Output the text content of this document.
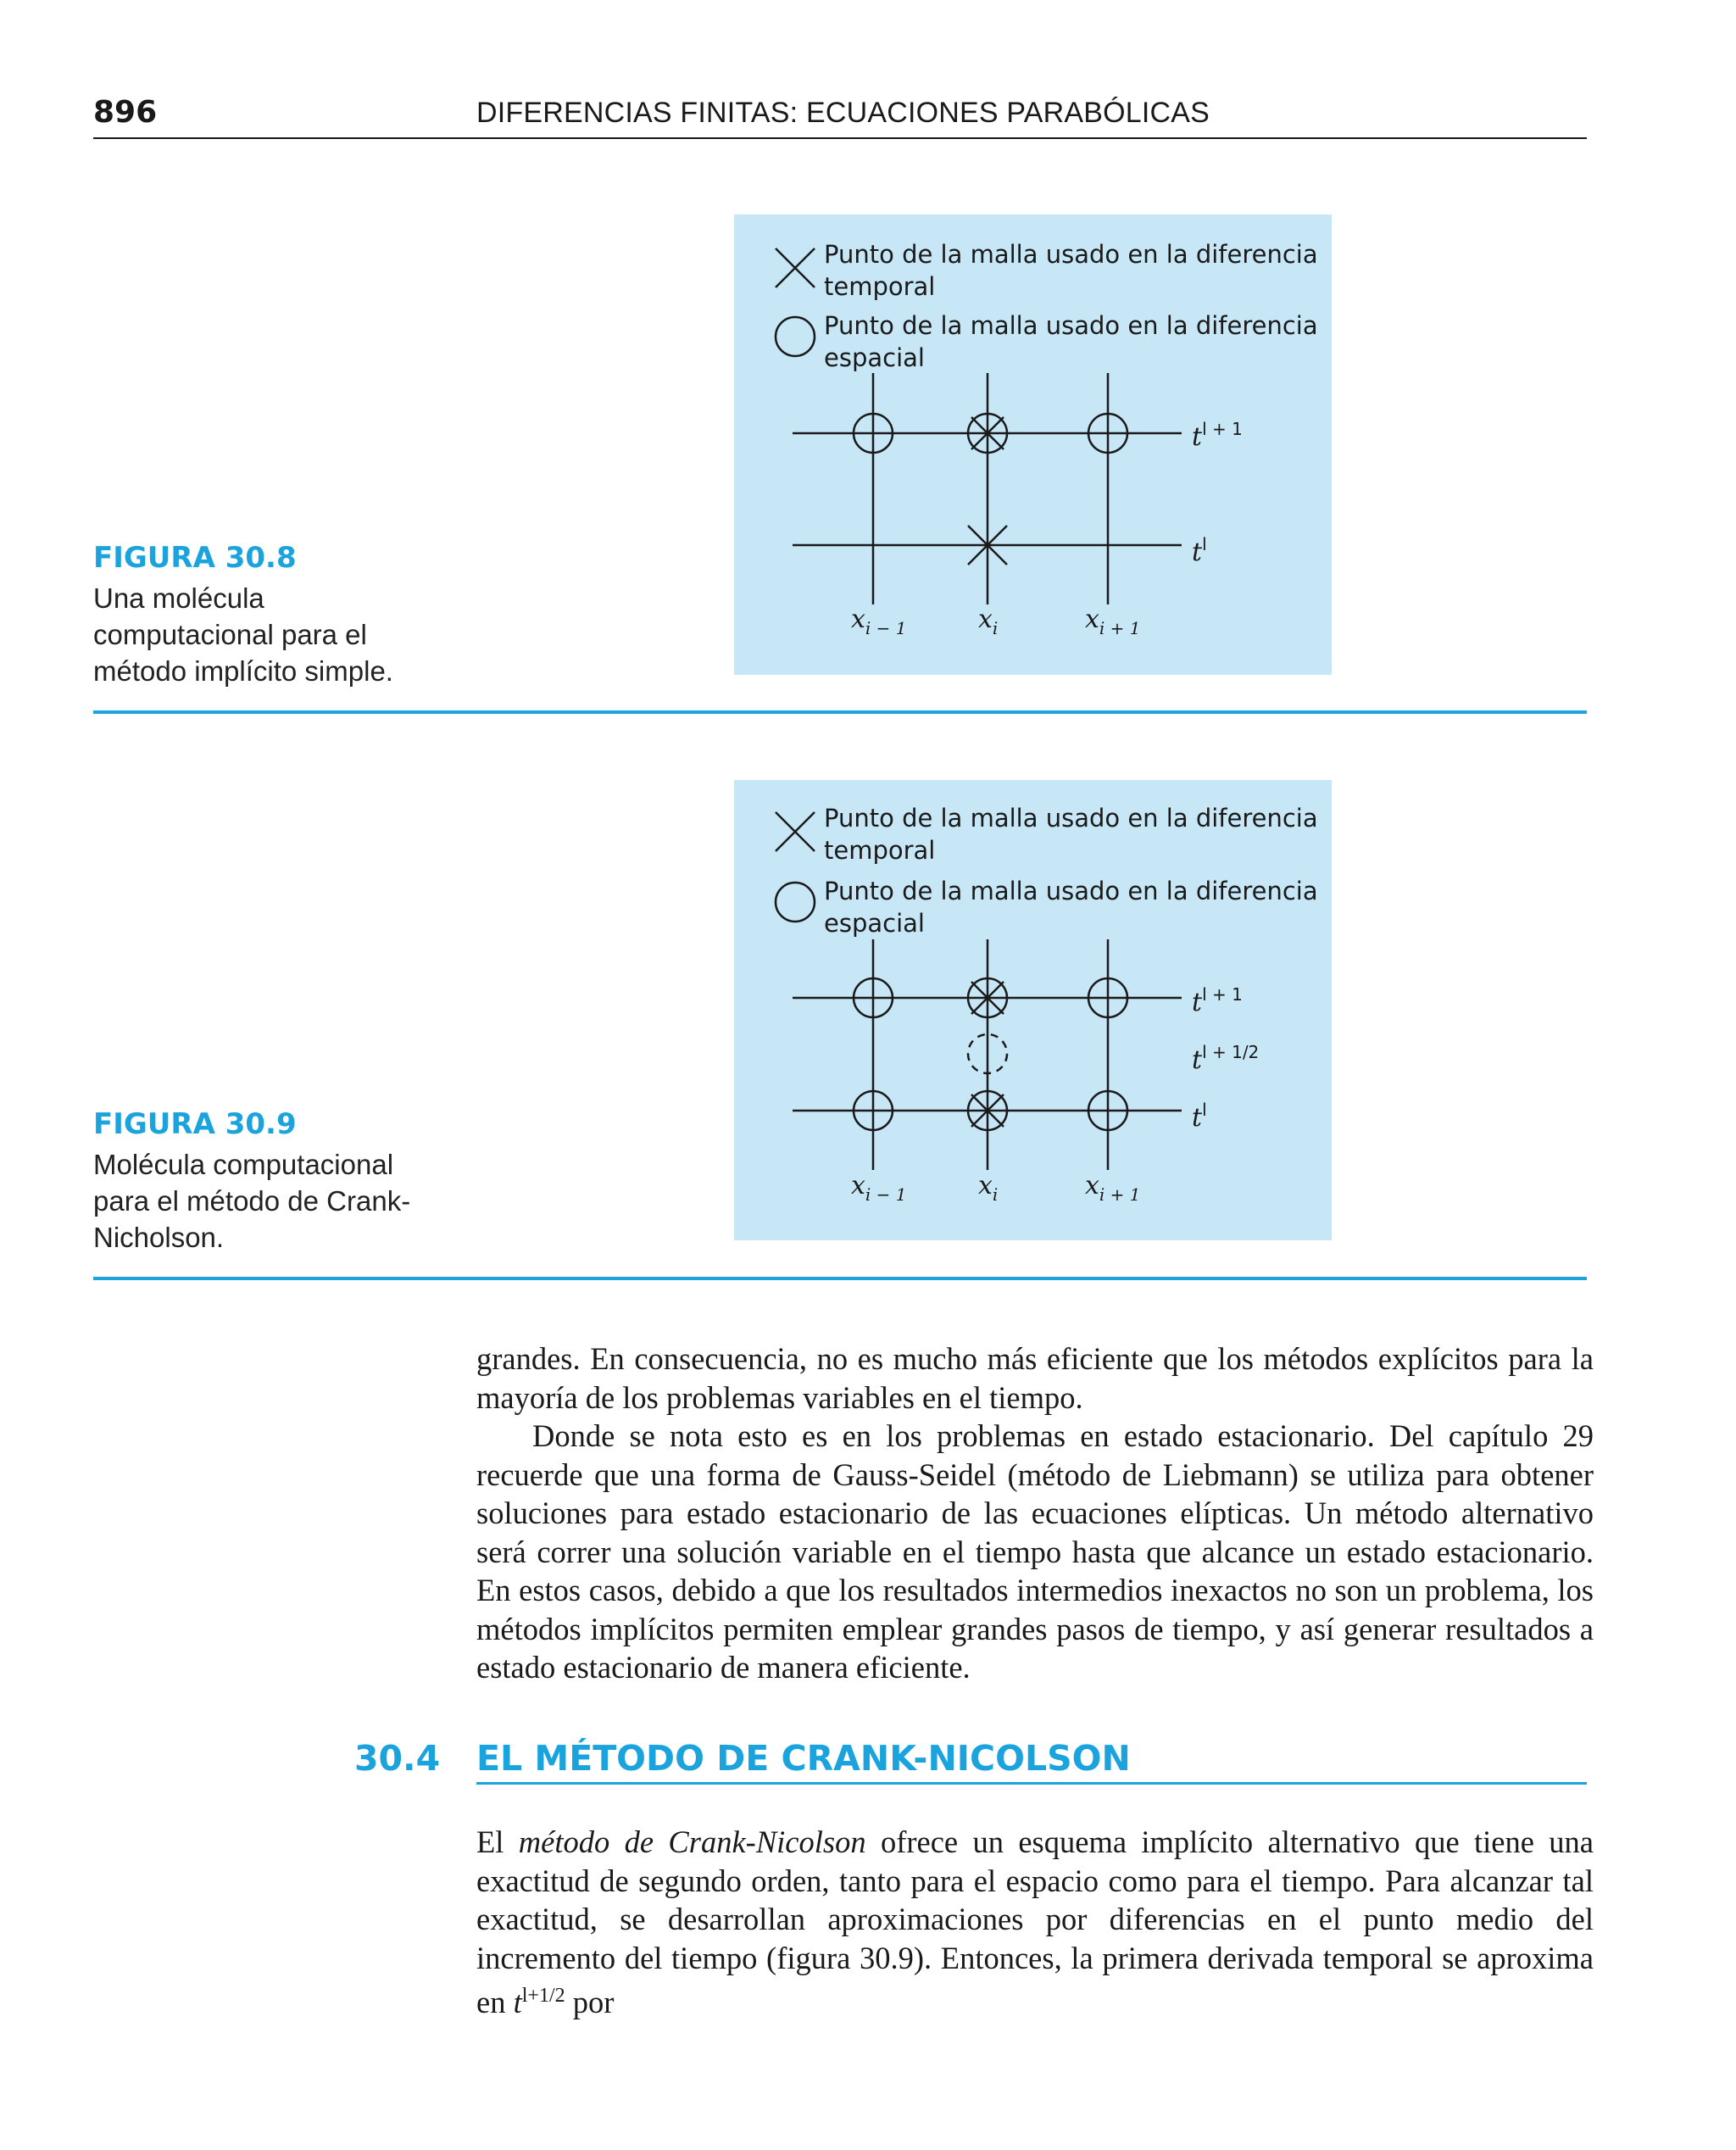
896	DIFERENCIAS FINITAS: ECUACIONES PARABÓLICAS
FIGURA 30.8
Una molécula computacional para el método implícito simple.
$t^{l + 1}$
$t^l$
$x_{i - 1}$	$x_i$	$x_{i + 1}$
Punto de la malla usado en la diferencia temporal
Punto de la malla usado en la diferencia espacial
FIGURA 30.9
Molécula computacional para el método de Crank-Nicholson.
$t^{l + 1}$
$t^{l + 1/2}$
$t^l$
$x_{i - 1}$	$x_i$	$x_{i + 1}$
Punto de la malla usado en la diferencia temporal
Punto de la malla usado en la diferencia espacial

grandes. En consecuencia, no es mucho más eficiente que los métodos explícitos para la mayoría de los problemas variables en el tiempo.

Donde se nota esto es en los problemas en estado estacionario. Del capítulo 29 recuerde que una forma de Gauss-Seidel (método de Liebmann) se utiliza para obtener soluciones para estado estacionario de las ecuaciones elípticas. Un método alternativo será correr una solución variable en el tiempo hasta que alcance un estado estacionario. En estos casos, debido a que los resultados intermedios inexactos no son un problema, los métodos implícitos permiten emplear grandes pasos de tiempo, y así generar resultados a estado estacionario de manera eficiente.

30.4 EL MÉTODO DE CRANK-NICOLSON

El método de Crank-Nicolson ofrece un esquema implícito alternativo que tiene una exactitud de segundo orden, tanto para el espacio como para el tiempo. Para alcanzar tal exactitud, se desarrollan aproximaciones por diferencias en el punto medio del incremento del tiempo (figura 30.9). Entonces, la primera derivada temporal se aproxima en $t^{l+1/2}$ por
